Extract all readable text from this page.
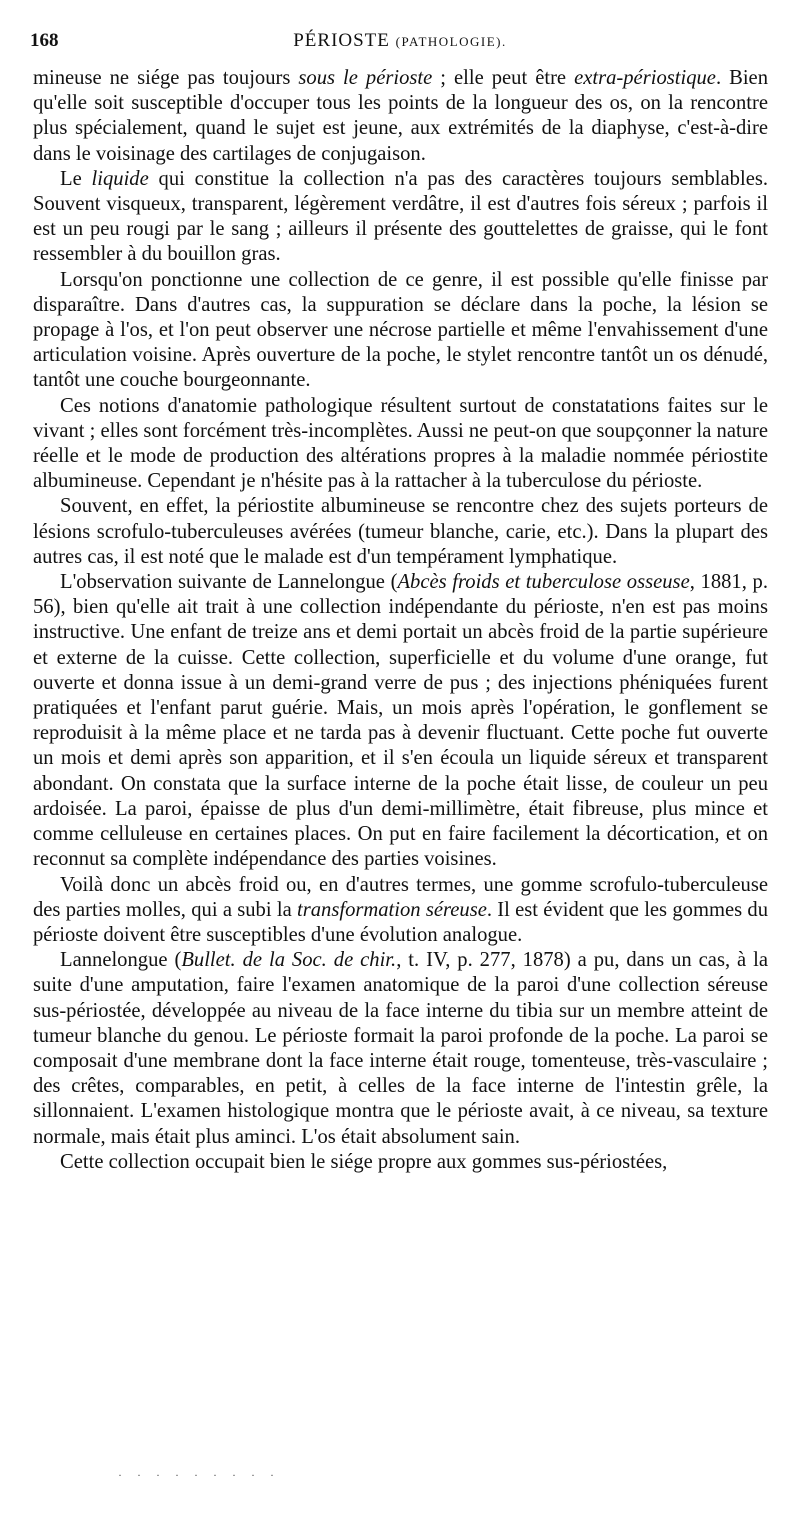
168	PÉRIOSTE (PATHOLOGIE).

mineuse ne siége pas toujours sous le périoste ; elle peut être extra-périostique. Bien qu'elle soit susceptible d'occuper tous les points de la longueur des os, on la rencontre plus spécialement, quand le sujet est jeune, aux extrémités de la diaphyse, c'est-à-dire dans le voisinage des cartilages de conjugaison.

Le liquide qui constitue la collection n'a pas des caractères toujours semblables. Souvent visqueux, transparent, légèrement verdâtre, il est d'autres fois séreux ; parfois il est un peu rougi par le sang ; ailleurs il présente des gouttelettes de graisse, qui le font ressembler à du bouillon gras.

Lorsqu'on ponctionne une collection de ce genre, il est possible qu'elle finisse par disparaître. Dans d'autres cas, la suppuration se déclare dans la poche, la lésion se propage à l'os, et l'on peut observer une nécrose partielle et même l'envahissement d'une articulation voisine. Après ouverture de la poche, le stylet rencontre tantôt un os dénudé, tantôt une couche bourgeonnante.

Ces notions d'anatomie pathologique résultent surtout de constatations faites sur le vivant ; elles sont forcément très-incomplètes. Aussi ne peut-on que soupçonner la nature réelle et le mode de production des altérations propres à la maladie nommée périostite albumineuse. Cependant je n'hésite pas à la rattacher à la tuberculose du périoste.

Souvent, en effet, la périostite albumineuse se rencontre chez des sujets porteurs de lésions scrofulo-tuberculeuses avérées (tumeur blanche, carie, etc.). Dans la plupart des autres cas, il est noté que le malade est d'un tempérament lymphatique.

L'observation suivante de Lannelongue (Abcès froids et tuberculose osseuse, 1881, p. 56), bien qu'elle ait trait à une collection indépendante du périoste, n'en est pas moins instructive. Une enfant de treize ans et demi portait un abcès froid de la partie supérieure et externe de la cuisse. Cette collection, superficielle et du volume d'une orange, fut ouverte et donna issue à un demi-grand verre de pus ; des injections phéniquées furent pratiquées et l'enfant parut guérie. Mais, un mois après l'opération, le gonflement se reproduisit à la même place et ne tarda pas à devenir fluctuant. Cette poche fut ouverte un mois et demi après son apparition, et il s'en écoula un liquide séreux et transparent abondant. On constata que la surface interne de la poche était lisse, de couleur un peu ardoisée. La paroi, épaisse de plus d'un demi-millimètre, était fibreuse, plus mince et comme celluleuse en certaines places. On put en faire facilement la décortication, et on reconnut sa complète indépendance des parties voisines.

Voilà donc un abcès froid ou, en d'autres termes, une gomme scrofulo-tuberculeuse des parties molles, qui a subi la transformation séreuse. Il est évident que les gommes du périoste doivent être susceptibles d'une évolution analogue.

Lannelongue (Bullet. de la Soc. de chir., t. IV, p. 277, 1878) a pu, dans un cas, à la suite d'une amputation, faire l'examen anatomique de la paroi d'une collection séreuse sus-périostée, développée au niveau de la face interne du tibia sur un membre atteint de tumeur blanche du genou. Le périoste formait la paroi profonde de la poche. La paroi se composait d'une membrane dont la face interne était rouge, tomenteuse, très-vasculaire ; des crêtes, comparables, en petit, à celles de la face interne de l'intestin grêle, la sillonnaient. L'examen histologique montra que le périoste avait, à ce niveau, sa texture normale, mais était plus aminci. L'os était absolument sain.

Cette collection occupait bien le siége propre aux gommes sus-périostées,

· · · · · · · · ·
